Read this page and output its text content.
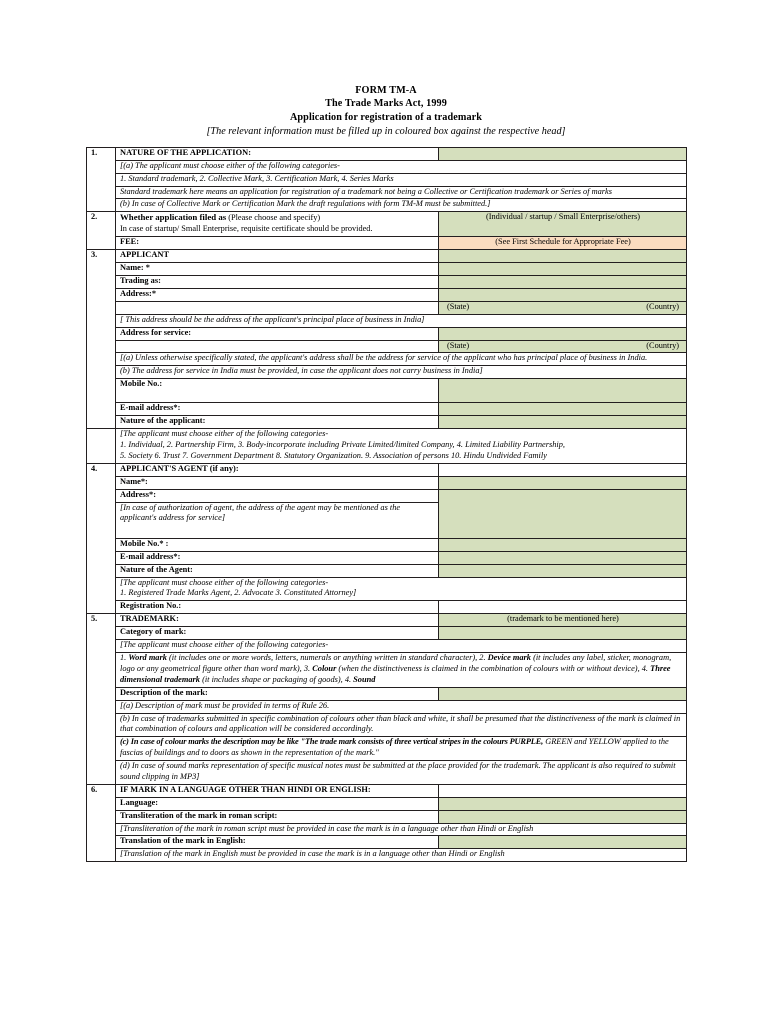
FORM TM-A
The Trade Marks Act, 1999
Application for registration of a trademark
[The relevant information must be filled up in coloured box against the respective head]
1.	NATURE OF THE APPLICATION:	
	[(a) The applicant must choose either of the following categories-	
	1. Standard trademark, 2. Collective Mark, 3. Certification Mark, 4. Series Marks	
	Standard trademark here means an application for registration of a trademark not being a Collective or Certification trademark or Series of marks	
	(b) In case of Collective Mark or Certification Mark the draft regulations with form TM-M must be submitted.]	
2.	Whether application filed as (Please choose and specify)
In case of startup/ Small Enterprise, requisite certificate should be provided.	(Individual / startup / Small Enterprise/others)
	FEE:	(See First Schedule for Appropriate Fee)
3.	APPLICANT	
	Name: *	
	Trading as:	
	Address:*	

		(State) (Country)

	[ This address should be the address of the applicant's principal place of business in India]	
	Address for service:	

		(State) (Country)

	[(a) Unless otherwise specifically stated, the applicant's address shall be the address for service of the applicant who has principal place of business in India.	
	(b) The address for service in India must be provided, in case the applicant does not carry business in India]	
	Mobile No.:	
	E-mail address*:	
	Nature of the applicant:	

	[The applicant must choose either of the following categories-
1. Individual, 2. Partnership Firm, 3. Body-incorporate including Private Limited/limited Company, 4. Limited Liability Partnership,
5. Society 6. Trust 7. Government Department 8. Statutory Organization. 9. Association of persons 10. Hindu Undivided Family	

4.	APPLICANT'S AGENT (if any):	
	Name*:	
	Address*:	
	[In case of authorization of agent, the address of the agent may be mentioned as the applicant's address for service]	
	Mobile No.* :	
	E-mail address*:	
	Nature of the Agent:	

	[The applicant must choose either of the following categories-
1. Registered Trade Marks Agent, 2. Advocate 3. Constituted Attorney]	

	Registration No.:	
5.	TRADEMARK:	(trademark to be mentioned here)
	Category of mark:	
	[The applicant must choose either of the following categories-	
	1. Word mark (it includes one or more words, letters, numerals or anything written in standard character), 2. Device mark (it includes any label, sticker, monogram, logo or any geometrical figure other than word mark), 3. Colour (when the distinctiveness is claimed in the combination of colours with or without device), 4. Three dimensional trademark (it includes shape or packaging of goods), 4. Sound	
	Description of the mark:	
	[(a) Description of mark must be provided in terms of Rule 26.	
	(b) In case of trademarks submitted in specific combination of colours other than black and white, it shall be presumed that the distinctiveness of the mark is claimed in that combination of colours and application will be considered accordingly.	
	(c) In case of colour marks the description may be like "The trade mark consists of three vertical stripes in the colours PURPLE, GREEN and YELLOW applied to the fascias of buildings and to doors as shown in the representation of the mark."	
	(d) In case of sound marks representation of specific musical notes must be submitted at the place provided for the trademark. The applicant is also required to submit sound clipping in MP3]	
6.	IF MARK IN A LANGUAGE OTHER THAN HINDI OR ENGLISH:	
	Language:	
	Transliteration of the mark in roman script:	
	[Transliteration of the mark in roman script must be provided in case the mark is in a language other than Hindi or English	
	Translation of the mark in English:	
	[Translation of the mark in English must be provided in case the mark is in a language other than Hindi or English	
